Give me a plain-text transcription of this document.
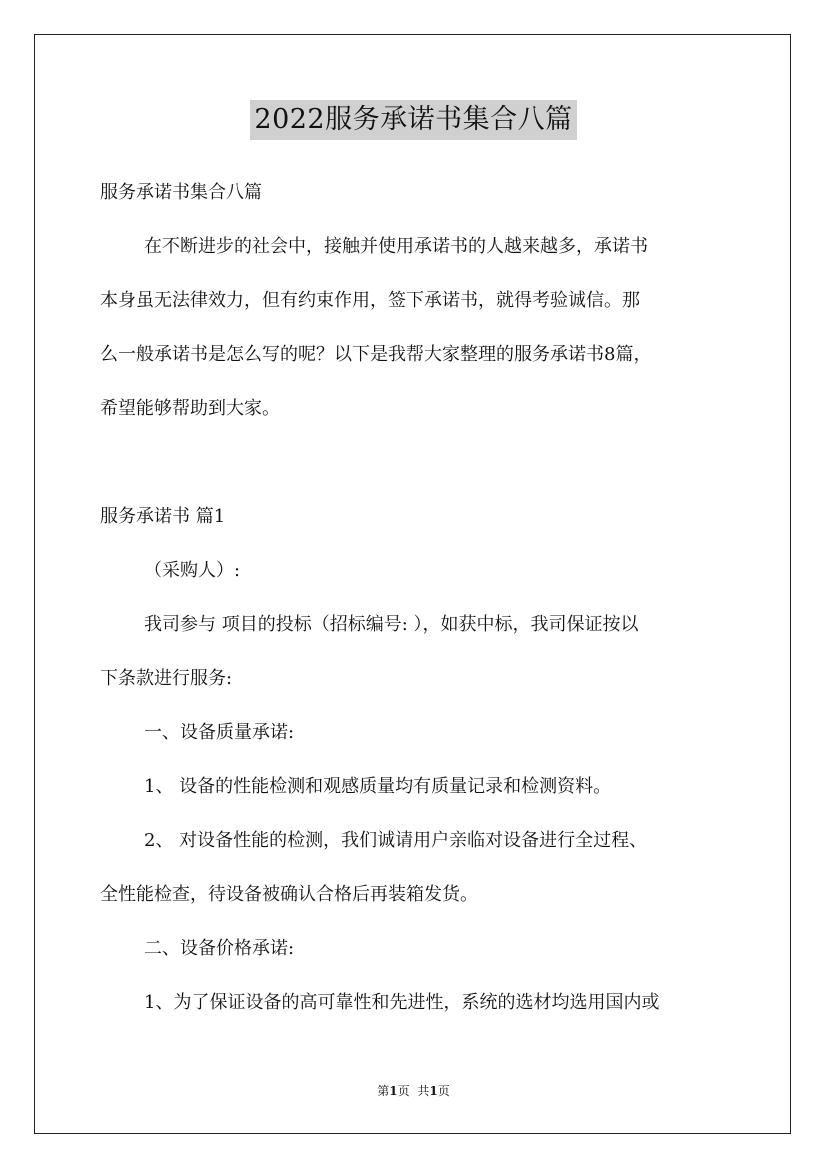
2022服务承诺书集合八篇
服务承诺书集合八篇
在不断进步的社会中，接触并使用承诺书的人越来越多，承诺书
本身虽无法律效力，但有约束作用，签下承诺书，就得考验诚信。那
么一般承诺书是怎么写的呢？以下是我帮大家整理的服务承诺书8篇，
希望能够帮助到大家。
服务承诺书 篇1
（采购人）:
我司参与 项目的投标（招标编号: ），如获中标，我司保证按以
下条款进行服务:
一、设备质量承诺:
1、 设备的性能检测和观感质量均有质量记录和检测资料。
2、 对设备性能的检测，我们诚请用户亲临对设备进行全过程、
全性能检查，待设备被确认合格后再装箱发货。
二、设备价格承诺:
1、为了保证设备的高可靠性和先进性，系统的选材均选用国内或
第1页 共1页
